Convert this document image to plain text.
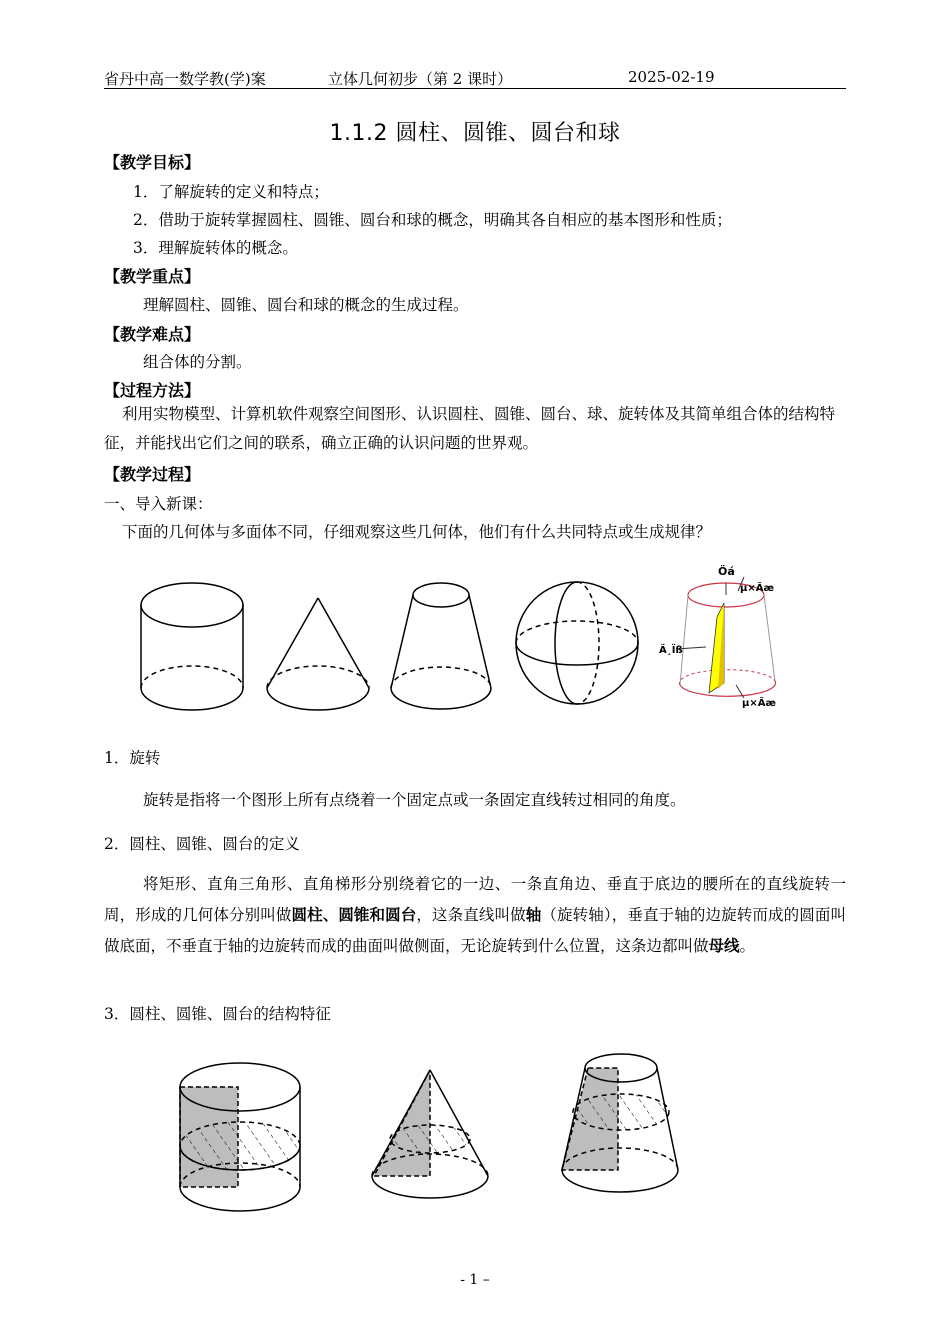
省丹中高一数学教(学)案	立体几何初步（第 2 课时）	2025-02-19
1.1.2 圆柱、圆锥、圆台和球
【教学目标】
1．了解旋转的定义和特点；
2．借助于旋转掌握圆柱、圆锥、圆台和球的概念，明确其各自相应的基本图形和性质；
3．理解旋转体的概念。
【教学重点】
理解圆柱、圆锥、圆台和球的概念的生成过程。
【教学难点】
组合体的分割。
【过程方法】
利用实物模型、计算机软件观察空间图形、认识圆柱、圆锥、圆台、球、旋转体及其简单组合体的结构特征，并能找出它们之间的联系，确立正确的认识问题的世界观。
【教学过程】
一、导入新课：
下面的几何体与多面体不同，仔细观察这些几何体，他们有什么共同特点或生成规律？
Öá
µ×Ãæ
Ä¸Ïß
µ×Ãæ
1．旋转
旋转是指将一个图形上所有点绕着一个固定点或一条固定直线转过相同的角度。
2．圆柱、圆锥、圆台的定义
将矩形、直角三角形、直角梯形分别绕着它的一边、一条直角边、垂直于底边的腰所在的直线旋转一周，形成的几何体分别叫做圆柱、圆锥和圆台，这条直线叫做轴（旋转轴），垂直于轴的边旋转而成的圆面叫做底面，不垂直于轴的边旋转而成的曲面叫做侧面，无论旋转到什么位置，这条边都叫做母线。
3．圆柱、圆锥、圆台的结构特征
- 1 –
